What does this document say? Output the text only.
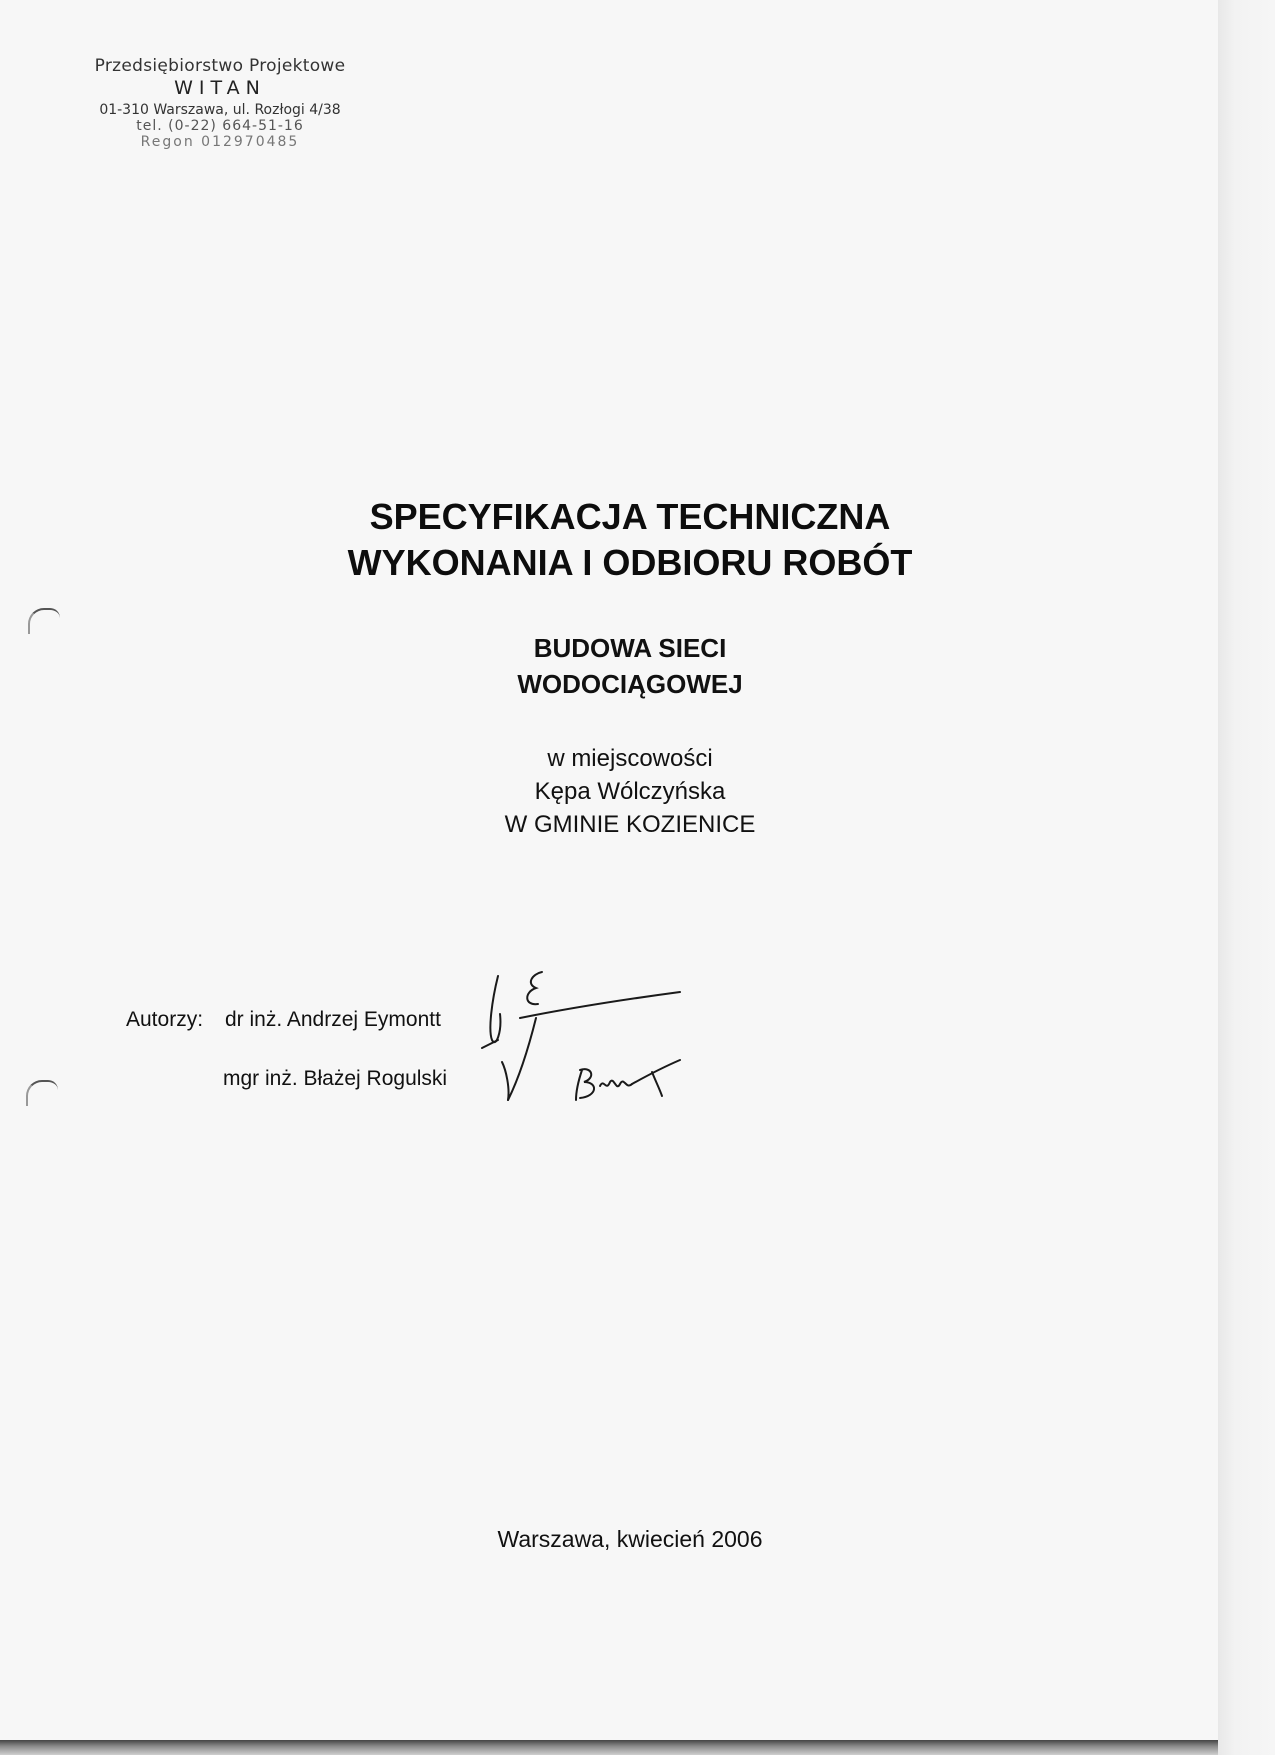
Przedsiębiorstwo Projektowe
WITAN
01-310 Warszawa, ul. Rozłogi 4/38
tel. (0-22) 664-51-16
Regon 012970485
SPECYFIKACJA TECHNICZNA
WYKONANIA I ODBIORU ROBÓT
BUDOWA SIECI
WODOCIĄGOWEJ
w miejscowości
Kępa Wólczyńska
W GMINIE KOZIENICE
Autorzy: dr inż. Andrzej Eymontt
mgr inż. Błażej Rogulski
Warszawa, kwiecień 2006
